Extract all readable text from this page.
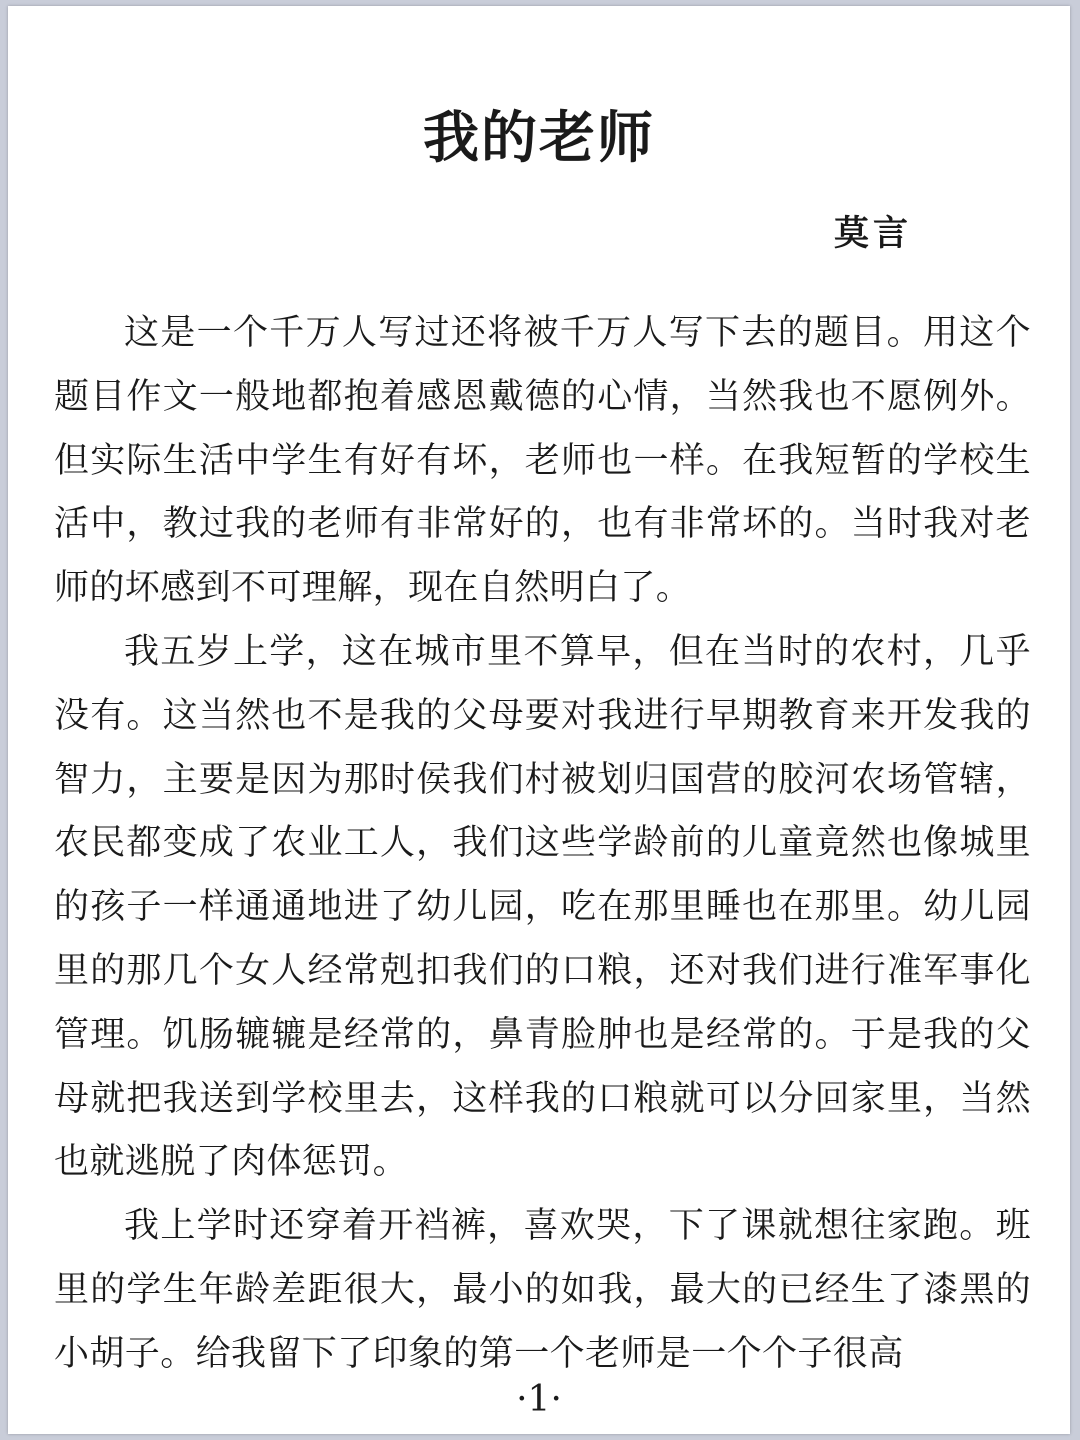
我的老师
莫言

这是一个千万人写过还将被千万人写下去的题目。用这个题目作文一般地都抱着感恩戴德的心情，当然我也不愿例外。但实际生活中学生有好有坏，老师也一样。在我短暂的学校生活中，教过我的老师有非常好的，也有非常坏的。当时我对老师的坏感到不可理解，现在自然明白了。

我五岁上学，这在城市里不算早，但在当时的农村，几乎没有。这当然也不是我的父母要对我进行早期教育来开发我的智力，主要是因为那时侯我们村被划归国营的胶河农场管辖，农民都变成了农业工人，我们这些学龄前的儿童竟然也像城里的孩子一样通通地进了幼儿园，吃在那里睡也在那里。幼儿园里的那几个女人经常剋扣我们的口粮，还对我们进行准军事化管理。饥肠辘辘是经常的，鼻青脸肿也是经常的。于是我的父母就把我送到学校里去，这样我的口粮就可以分回家里，当然也就逃脱了肉体惩罚。

我上学时还穿着开裆裤，喜欢哭，下了课就想往家跑。班里的学生年龄差距很大，最小的如我，最大的已经生了漆黑的小胡子。给我留下了印象的第一个老师是一个个子很高

·1·
